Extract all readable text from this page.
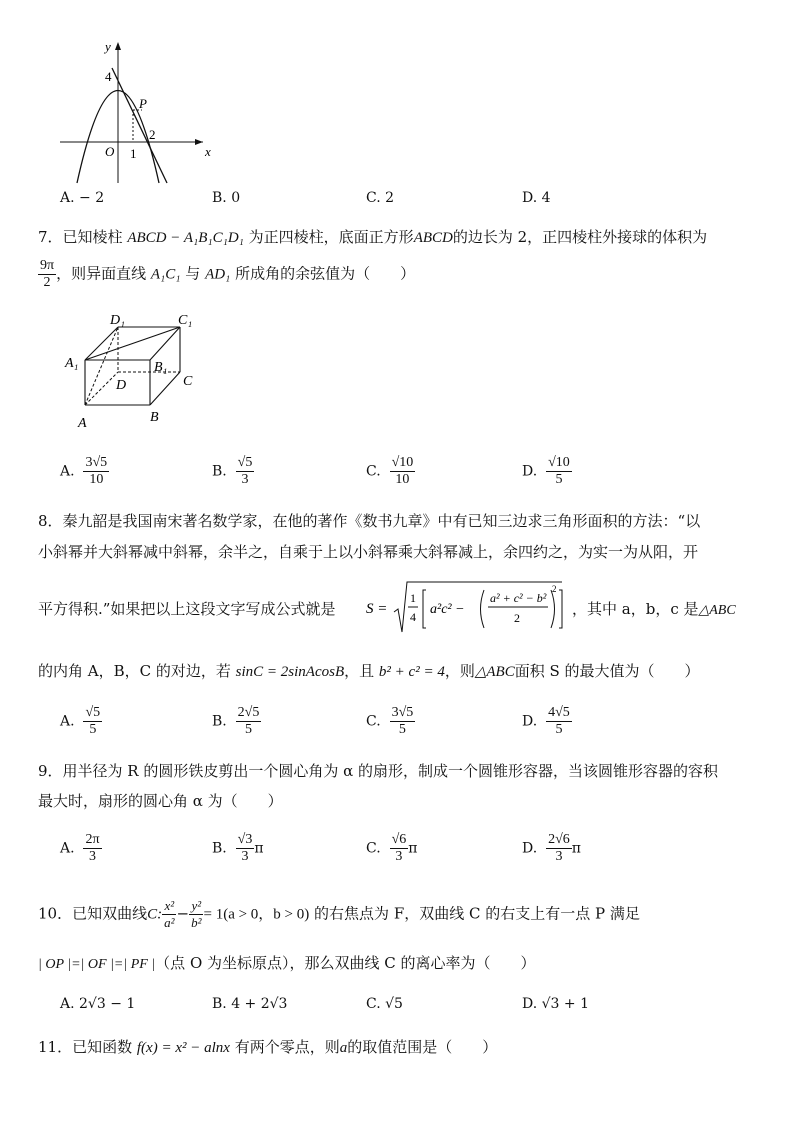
y
x
4
P
2
O 1
A. − 2	B. 0	C. 2	D. 4
7．已知棱柱 ABCD − A₁B₁C₁D₁ 为正四棱柱，底面正方形ABCD的边长为 2，正四棱柱外接球的体积为
$\frac{9\pi}{2}$ ，则异面直线 A₁C₁ 与 AD₁ 所成角的余弦值为（　　）
D₁	C₁
A₁	B₁
D	C
A	B
A. $\frac{3√5}{10}$	B. $\frac{√5}{3}$	C. $\frac{√10}{10}$	D. $\frac{√10}{5}$
8．秦九韶是我国南宋著名数学家，在他的著作《数书九章》中有已知三边求三角形面积的方法：“以
小斜幂并大斜幂减中斜幂，余半之，自乘于上以小斜幂乘大斜幂减上，余四约之，为实一为从阳，开
平方得积.”如果把以上这段文字写成公式就是 S =
1
4 a²c² −
a² + c² − b²
2
2
，其中 a，b，c 是△ABC
的内角 A，B，C 的对边，若 sinC = 2sinAcosB，且 b² + c² = 4，则△ABC面积 S 的最大值为（　　）
A. $\frac{√5}{5}$	B. $\frac{2√5}{5}$	C. $\frac{3√5}{5}$	D. $\frac{4√5}{5}$
9．用半径为 R 的圆形铁皮剪出一个圆心角为 α 的扇形，制成一个圆锥形容器，当该圆锥形容器的容积
最大时，扇形的圆心角 α 为（　　）
A. $\frac{2\pi}{3}$	B. $\frac{√3}{3}$ π	C. $\frac{√6}{3}$ π	D. $\frac{2√6}{3}$ π
10．已知双曲线C: $\frac{\text{x²}}{\text{a²}} - \frac{\text{y²}}{\text{b²}} = 1(a > 0$，b > 0) 的右焦点为 F，双曲线 C 的右支上有一点 P 满足
| OP |=| OF |=| PF |（点 O 为坐标原点），那么双曲线 C 的离心率为（　　）
A. 2√3 − 1	B. 4 + 2√3	C. √5	D. √3 + 1
11．已知函数 f(x) = x² − alnx 有两个零点，则a的取值范围是（　　）
